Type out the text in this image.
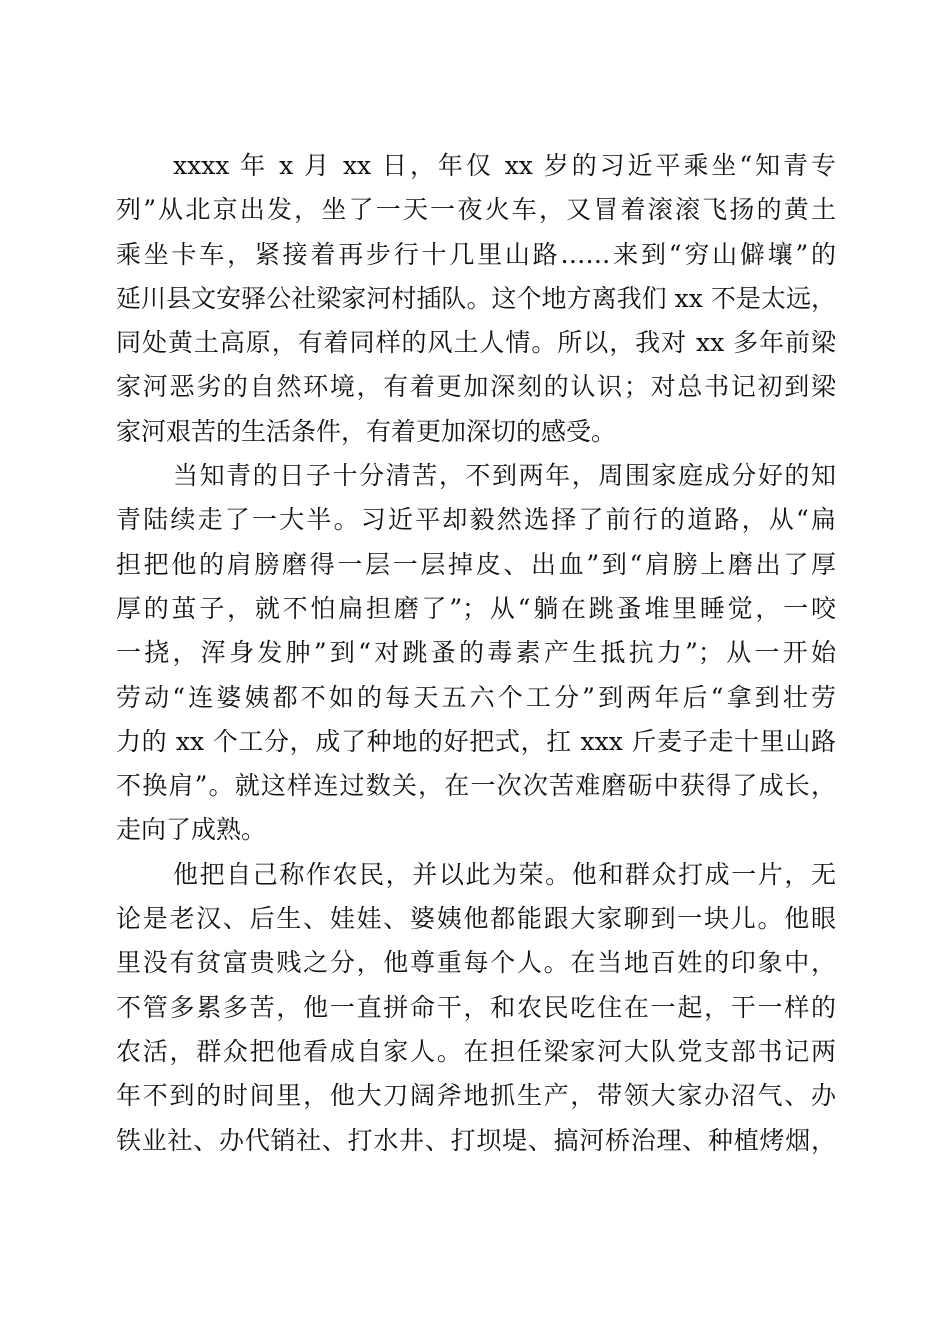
xxxx 年 x 月 xx 日，年仅 xx 岁的习近平乘坐“知青专
列”从北京出发，坐了一天一夜火车，又冒着滚滚飞扬的黄土
乘坐卡车，紧接着再步行十几里山路……来到“穷山僻壤”的
延川县文安驿公社梁家河村插队。这个地方离我们 xx 不是太远，
同处黄土高原，有着同样的风土人情。所以，我对 xx 多年前梁
家河恶劣的自然环境，有着更加深刻的认识；对总书记初到梁
家河艰苦的生活条件，有着更加深切的感受。
当知青的日子十分清苦，不到两年，周围家庭成分好的知
青陆续走了一大半。习近平却毅然选择了前行的道路，从“扁
担把他的肩膀磨得一层一层掉皮、出血”到“肩膀上磨出了厚
厚的茧子，就不怕扁担磨了”；从“躺在跳蚤堆里睡觉，一咬
一挠，浑身发肿”到“对跳蚤的毒素产生抵抗力”；从一开始
劳动“连婆姨都不如的每天五六个工分”到两年后“拿到壮劳
力的 xx 个工分，成了种地的好把式，扛 xxx 斤麦子走十里山路
不换肩”。就这样连过数关，在一次次苦难磨砺中获得了成长，
走向了成熟。
他把自己称作农民，并以此为荣。他和群众打成一片，无
论是老汉、后生、娃娃、婆姨他都能跟大家聊到一块儿。他眼
里没有贫富贵贱之分，他尊重每个人。在当地百姓的印象中，
不管多累多苦，他一直拼命干，和农民吃住在一起，干一样的
农活，群众把他看成自家人。在担任梁家河大队党支部书记两
年不到的时间里，他大刀阔斧地抓生产，带领大家办沼气、办
铁业社、办代销社、打水井、打坝堤、搞河桥治理、种植烤烟，
